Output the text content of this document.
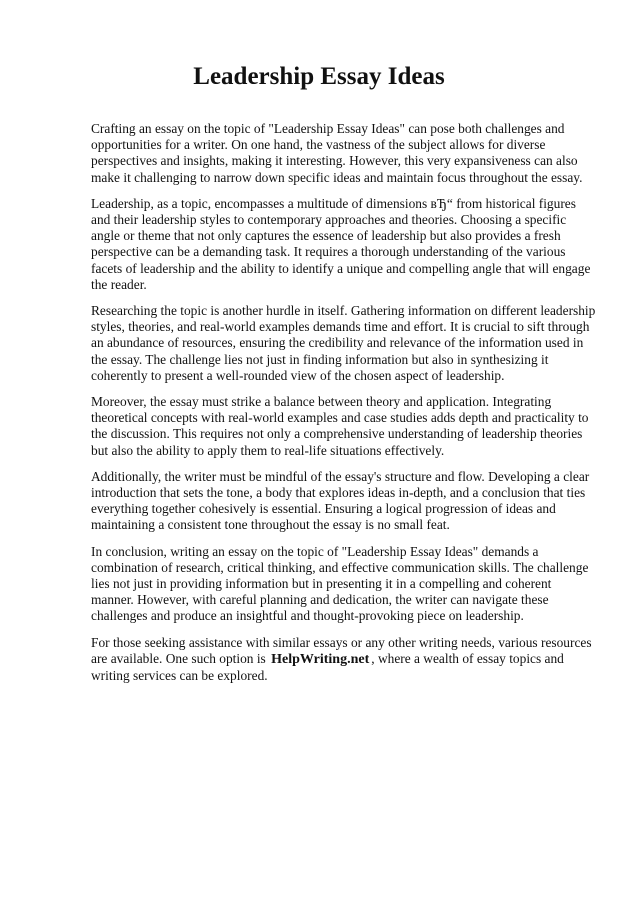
Leadership Essay Ideas

Crafting an essay on the topic of "Leadership Essay Ideas" can pose both challenges and opportunities for a writer. On one hand, the vastness of the subject allows for diverse perspectives and insights, making it interesting. However, this very expansiveness can also make it challenging to narrow down specific ideas and maintain focus throughout the essay.

Leadership, as a topic, encompasses a multitude of dimensions вЂ“ from historical figures and their leadership styles to contemporary approaches and theories. Choosing a specific angle or theme that not only captures the essence of leadership but also provides a fresh perspective can be a demanding task. It requires a thorough understanding of the various facets of leadership and the ability to identify a unique and compelling angle that will engage the reader.

Researching the topic is another hurdle in itself. Gathering information on different leadership styles, theories, and real-world examples demands time and effort. It is crucial to sift through an abundance of resources, ensuring the credibility and relevance of the information used in the essay. The challenge lies not just in finding information but also in synthesizing it coherently to present a well-rounded view of the chosen aspect of leadership.

Moreover, the essay must strike a balance between theory and application. Integrating theoretical concepts with real-world examples and case studies adds depth and practicality to the discussion. This requires not only a comprehensive understanding of leadership theories but also the ability to apply them to real-life situations effectively.

Additionally, the writer must be mindful of the essay's structure and flow. Developing a clear introduction that sets the tone, a body that explores ideas in-depth, and a conclusion that ties everything together cohesively is essential. Ensuring a logical progression of ideas and maintaining a consistent tone throughout the essay is no small feat.

In conclusion, writing an essay on the topic of "Leadership Essay Ideas" demands a combination of research, critical thinking, and effective communication skills. The challenge lies not just in providing information but in presenting it in a compelling and coherent manner. However, with careful planning and dedication, the writer can navigate these challenges and produce an insightful and thought-provoking piece on leadership.

For those seeking assistance with similar essays or any other writing needs, various resources are available. One such option is HelpWriting.net , where a wealth of essay topics and writing services can be explored.
